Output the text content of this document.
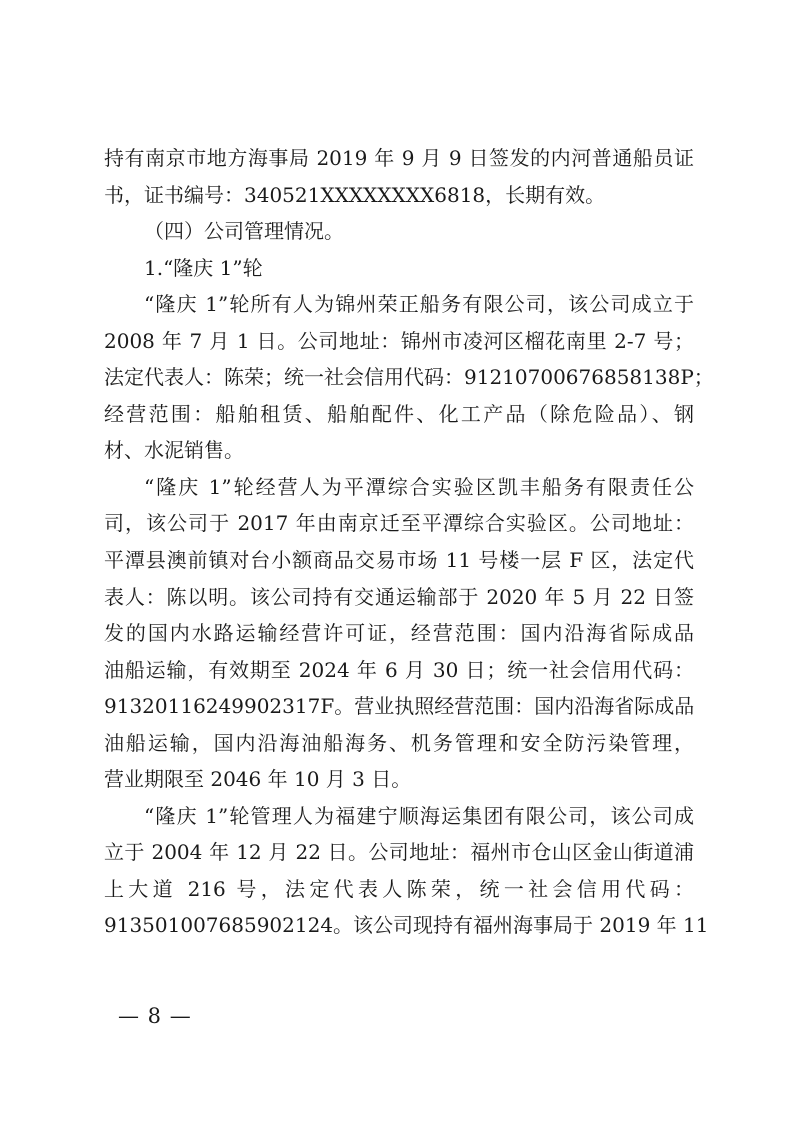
持有南京市地方海事局 2019 年 9 月 9 日签发的内河普通船员证
书，证书编号：340521XXXXXXXX6818，长期有效。
（四）公司管理情况。
1.“隆庆 1”轮
“隆庆 1”轮所有人为锦州荣正船务有限公司，该公司成立于
2008 年 7 月 1 日。公司地址：锦州市凌河区榴花南里 2-7 号；
法定代表人：陈荣；统一社会信用代码：91210700676858138P；
经营范围：船舶租赁、船舶配件、化工产品（除危险品）、钢
材、水泥销售。
“隆庆 1”轮经营人为平潭综合实验区凯丰船务有限责任公
司，该公司于 2017 年由南京迁至平潭综合实验区。公司地址：
平潭县澳前镇对台小额商品交易市场 11 号楼一层 F 区，法定代
表人：陈以明。该公司持有交通运输部于 2020 年 5 月 22 日签
发的国内水路运输经营许可证，经营范围：国内沿海省际成品
油船运输，有效期至 2024 年 6 月 30 日；统一社会信用代码：
9132011624990​2317F。营业执照经营范围：国内沿海省际成品
油船运输，国内沿海油船海务、机务管理和安全防污染管理，
营业期限至 2046 年 10 月 3 日。
“隆庆 1”轮管理人为福建宁顺海运集团有限公司，该公司成
立于 2004 年 12 月 22 日。公司地址：福州市仓山区金山街道浦
上大道 216 号，法定代表人陈荣，统一社会信用代码：
913501007685902124。该公司现持有福州海事局于 2019 年 11
— 8 —
